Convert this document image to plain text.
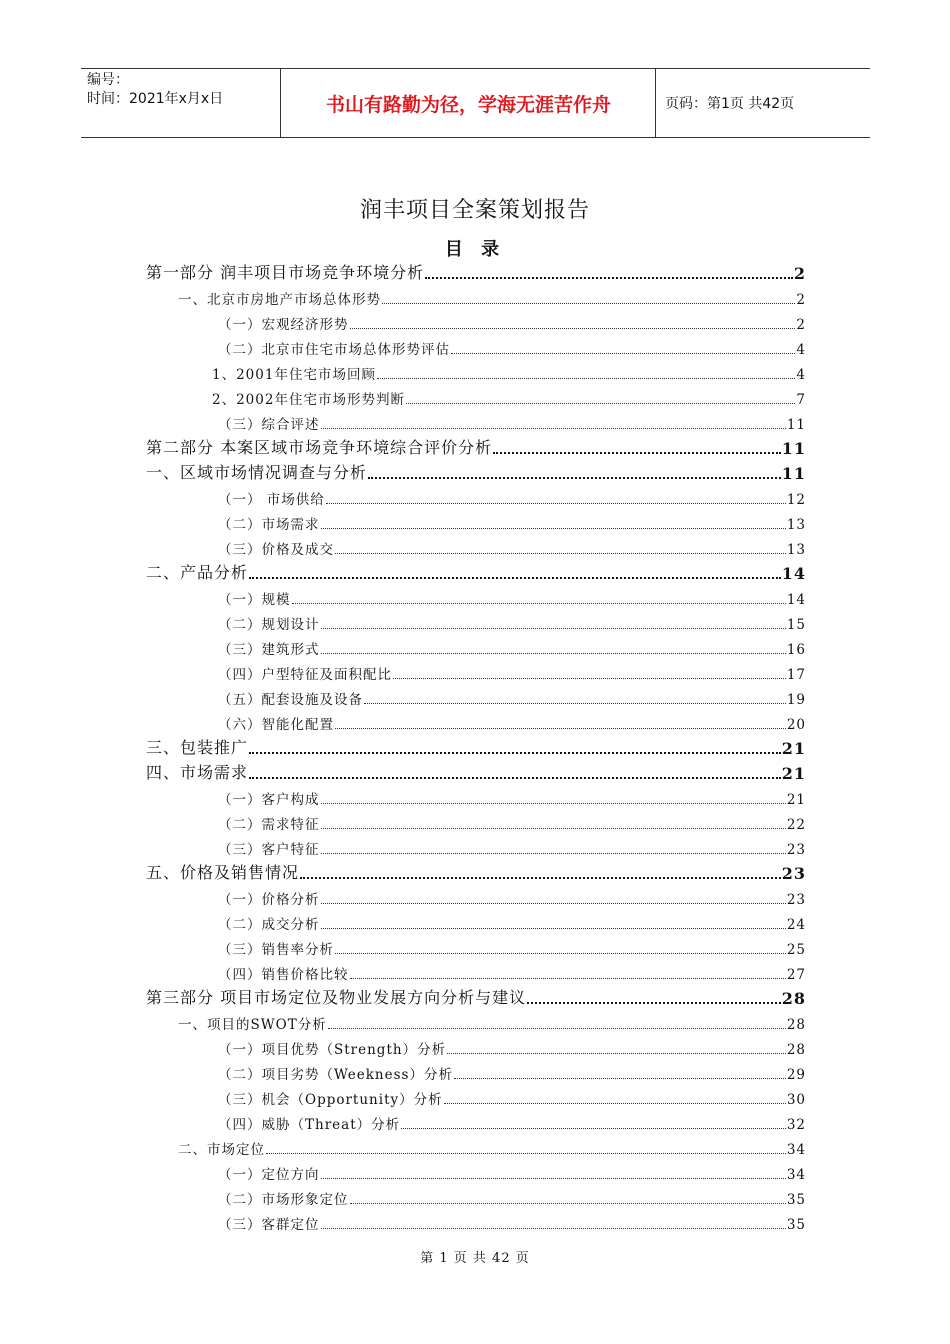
编号：
时间：2021年x月x日	书山有路勤为径，学海无涯苦作舟	页码：第1页 共42页
润丰项目全案策划报告
目 录
第一部分 润丰项目市场竞争环境分析	2
一、北京市房地产市场总体形势	2
（一）宏观经济形势	2
（二）北京市住宅市场总体形势评估	4
1、2001年住宅市场回顾	4
2、2002年住宅市场形势判断	7
（三）综合评述	11
第二部分 本案区域市场竞争环境综合评价分析	11
一、区域市场情况调查与分析	11
（一） 市场供给	12
（二）市场需求	13
（三）价格及成交	13
二、产品分析	14
（一）规模	14
（二）规划设计	15
（三）建筑形式	16
（四）户型特征及面积配比	17
（五）配套设施及设备	19
（六）智能化配置	20
三、包装推广	21
四、市场需求	21
（一）客户构成	21
（二）需求特征	22
（三）客户特征	23
五、价格及销售情况	23
（一）价格分析	23
（二）成交分析	24
（三）销售率分析	25
（四）销售价格比较	27
第三部分 项目市场定位及物业发展方向分析与建议	28
一、项目的SWOT分析	28
（一）项目优势（Strength）分析	28
（二）项目劣势（Weekness）分析	29
（三）机会（Opportunity）分析	30
（四）威胁（Threat）分析	32
二、市场定位	34
（一）定位方向	34
（二）市场形象定位	35
（三）客群定位	35
第 1 页 共 42 页
